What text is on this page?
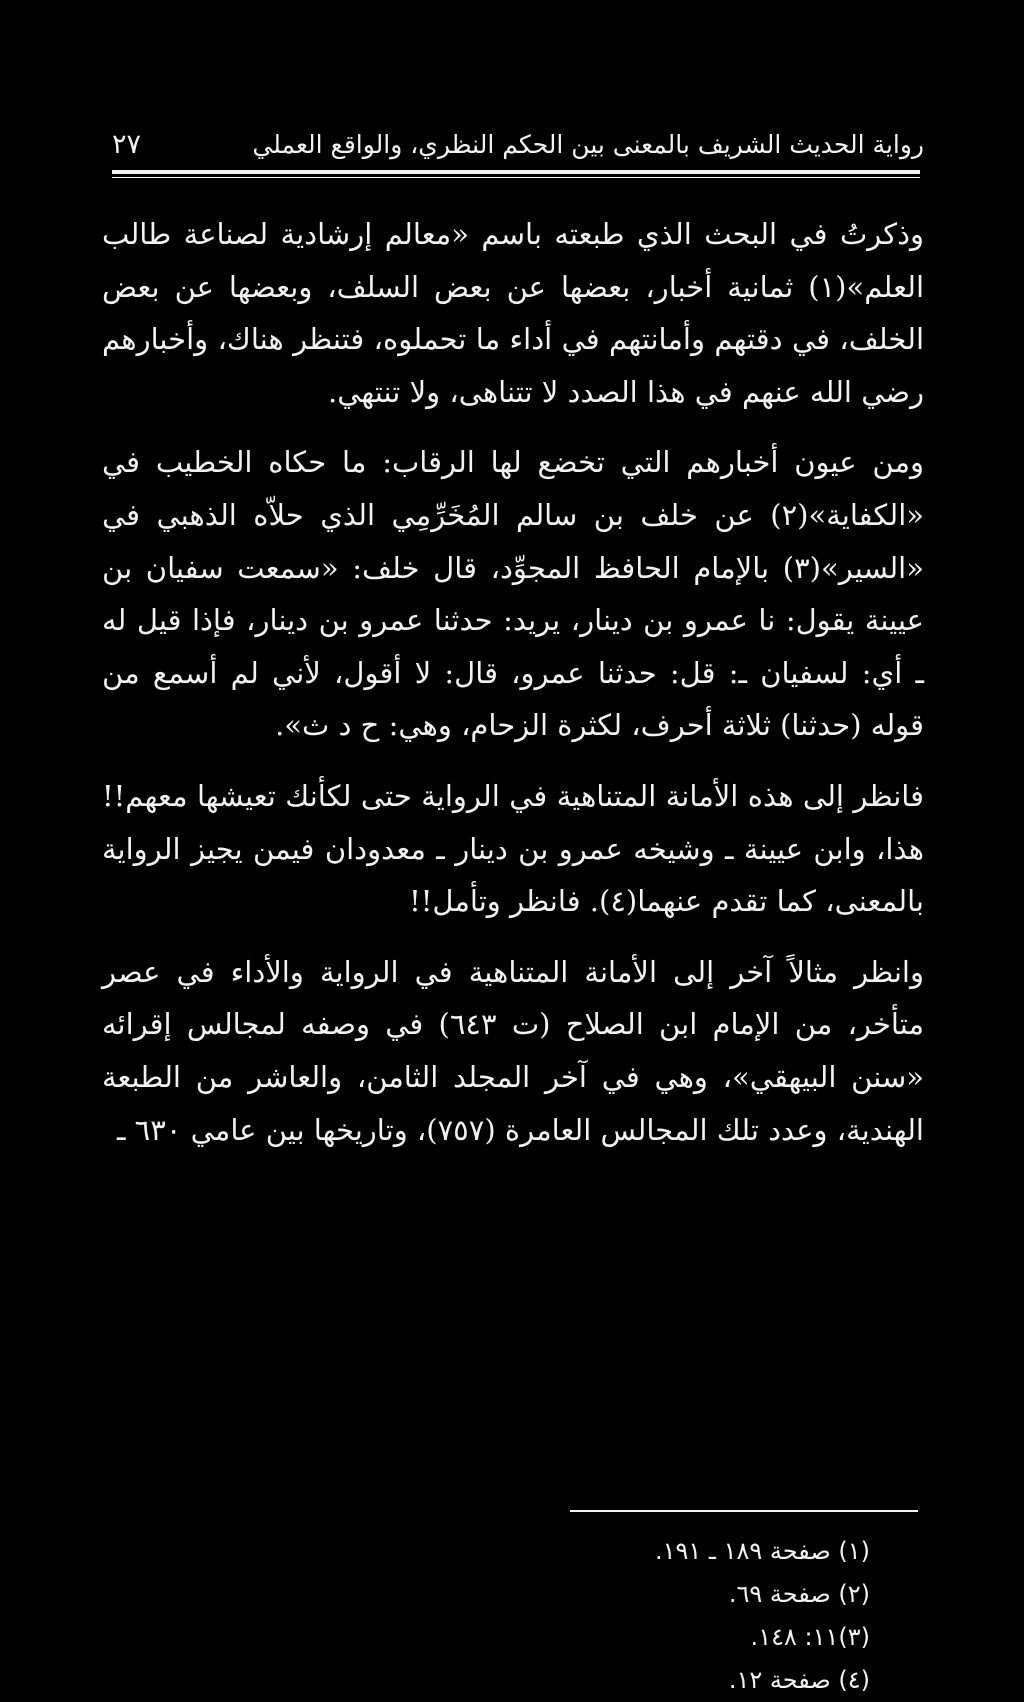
رواية الحديث الشريف بالمعنى بين الحكم النظري، والواقع العملي
٢٧

وذكرتُ في البحث الذي طبعته باسم «معالم إرشادية لصناعة طالب العلم»(١) ثمانية أخبار، بعضها عن بعض السلف، وبعضها عن بعض الخلف، في دقتهم وأمانتهم في أداء ما تحملوه، فتنظر هناك، وأخبارهم رضي الله عنهم في هذا الصدد لا تتناهى، ولا تنتهي.

ومن عيون أخبارهم التي تخضع لها الرقاب: ما حكاه الخطيب في «الكفاية»(٢) عن خلف بن سالم المُخَرِّمِي الذي حلاّه الذهبي في «السير»(٣) بالإمام الحافظ المجوِّد، قال خلف: «سمعت سفيان بن عيينة يقول: نا عمرو بن دينار، يريد: حدثنا عمرو بن دينار، فإذا قيل له ـ أي: لسفيان ـ: قل: حدثنا عمرو، قال: لا أقول، لأني لم أسمع من قوله (حدثنا) ثلاثة أحرف، لكثرة الزحام، وهي: ح د ث».

فانظر إلى هذه الأمانة المتناهية في الرواية حتى لكأنك تعيشها معهم!! هذا، وابن عيينة ـ وشيخه عمرو بن دينار ـ معدودان فيمن يجيز الرواية بالمعنى، كما تقدم عنهما(٤). فانظر وتأمل!!

وانظر مثالاً آخر إلى الأمانة المتناهية في الرواية والأداء في عصر متأخر، من الإمام ابن الصلاح (ت ٦٤٣) في وصفه لمجالس إقرائه «سنن البيهقي»، وهي في آخر المجلد الثامن، والعاشر من الطبعة الهندية، وعدد تلك المجالس العامرة (٧٥٧)، وتاريخها بين عامي ٦٣٠ ـ

(١) صفحة ١٨٩ ـ ١٩١.
(٢) صفحة ٦٩.
(٣)١١: ١٤٨.
(٤) صفحة ١٢.
